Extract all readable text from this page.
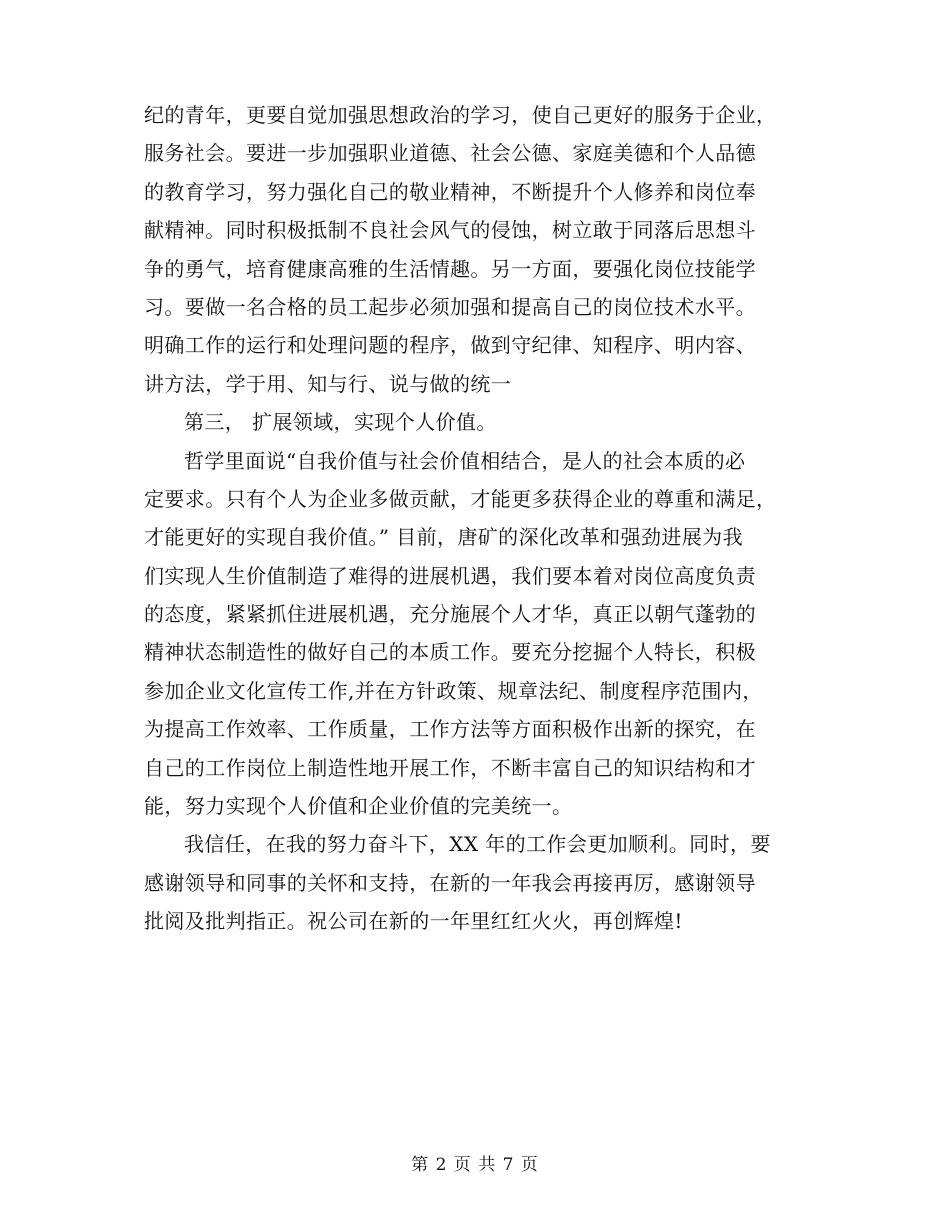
纪的青年，更要自觉加强思想政治的学习，使自己更好的服务于企业，
服务社会。要进一步加强职业道德、社会公德、家庭美德和个人品德
的教育学习，努力强化自己的敬业精神，不断提升个人修养和岗位奉
献精神。同时积极抵制不良社会风气的侵蚀，树立敢于同落后思想斗
争的勇气，培育健康高雅的生活情趣。另一方面，要强化岗位技能学
习。要做一名合格的员工起步必须加强和提高自己的岗位技术水平。
明确工作的运行和处理问题的程序，做到守纪律、知程序、明内容、
讲方法，学于用、知与行、说与做的统一
第三， 扩展领域，实现个人价值。
哲学里面说“自我价值与社会价值相结合，是人的社会本质的必
定要求。只有个人为企业多做贡献，才能更多获得企业的尊重和满足，
才能更好的实现自我价值。” 目前，唐矿的深化改革和强劲进展为我
们实现人生价值制造了难得的进展机遇，我们要本着对岗位高度负责
的态度，紧紧抓住进展机遇，充分施展个人才华，真正以朝气蓬勃的
精神状态制造性的做好自己的本质工作。要充分挖掘个人特长，积极
参加企业文化宣传工作,并在方针政策、规章法纪、制度程序范围内，
为提高工作效率、工作质量，工作方法等方面积极作出新的探究，在
自己的工作岗位上制造性地开展工作，不断丰富自己的知识结构和才
能，努力实现个人价值和企业价值的完美统一。
我信任，在我的努力奋斗下，XX 年的工作会更加顺利。同时，要
感谢领导和同事的关怀和支持，在新的一年我会再接再厉，感谢领导
批阅及批判指正。祝公司在新的一年里红红火火，再创辉煌!
第 2 页 共 7 页
